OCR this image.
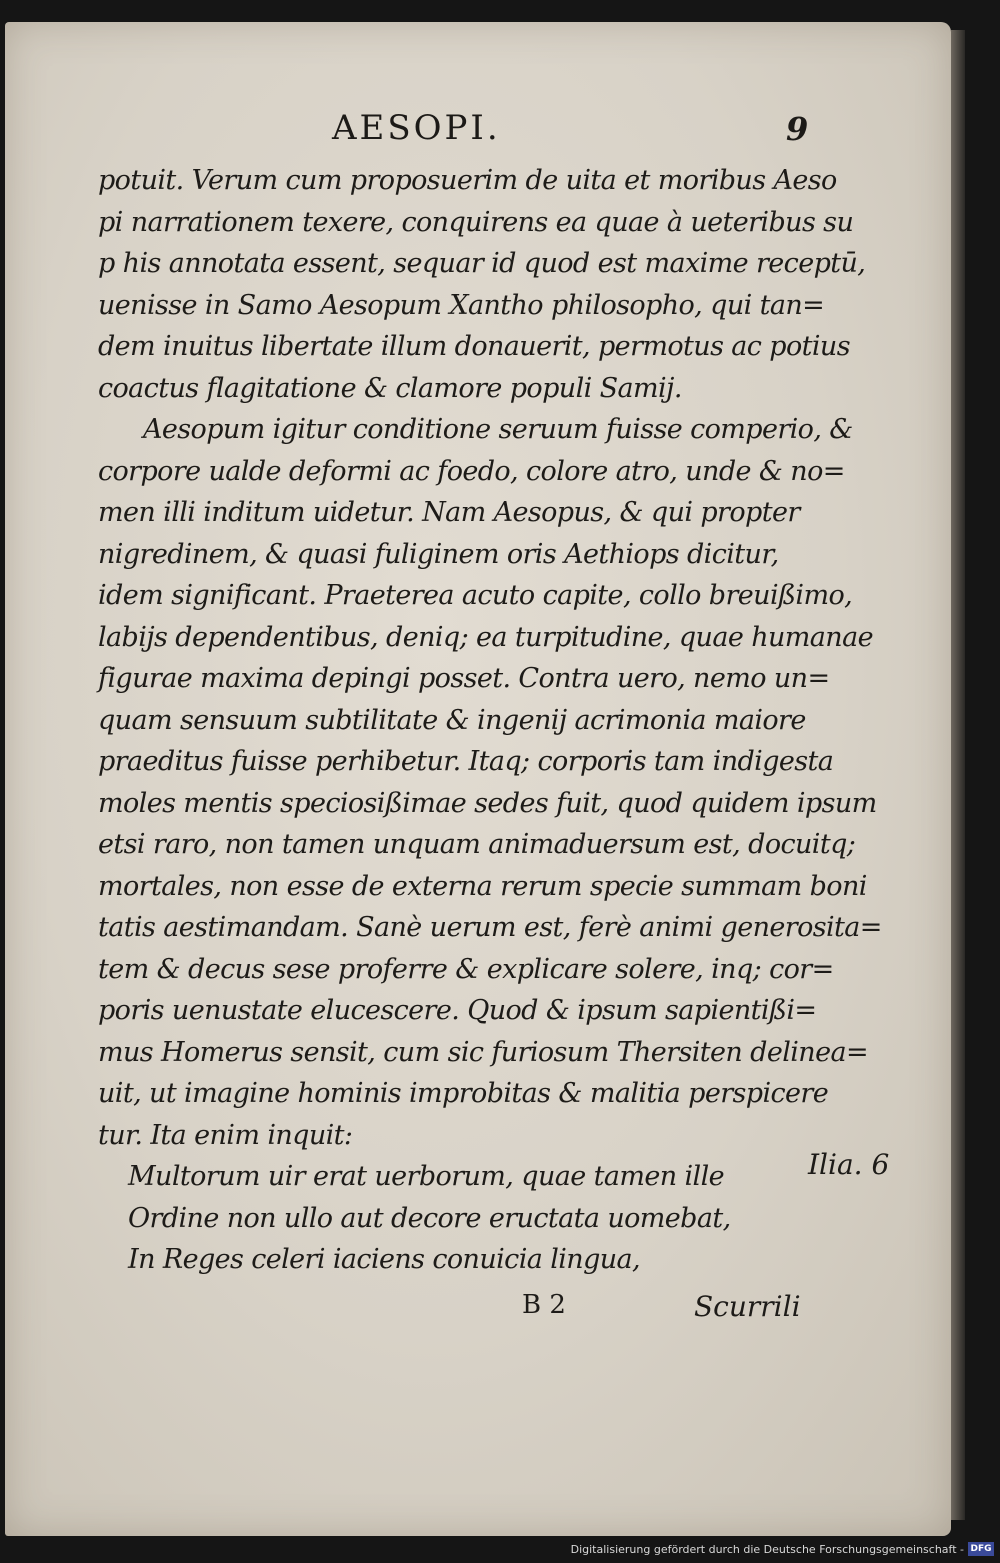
AESOPI.	9
potuit. Verum cum proposuerim de uita et moribus Aeso
pi narrationem texere, conquirens ea quae à ueteribus su
p his annotata essent, sequar id quod est maxime receptū,
uenisse in Samo Aesopum Xantho philosopho, qui tan=
dem inuitus libertate illum donauerit, permotus ac potius
coactus flagitatione & clamore populi Samij.
Aesopum igitur conditione seruum fuisse comperio, &
corpore ualde deformi ac foedo, colore atro, unde & no=
men illi inditum uidetur. Nam Aesopus, & qui propter
nigredinem, & quasi fuliginem oris Aethiops dicitur,
idem significant. Praeterea acuto capite, collo breuißimo,
labijs dependentibus, deniq; ea turpitudine, quae humanae
figurae maxima depingi posset. Contra uero, nemo un=
quam sensuum subtilitate & ingenij acrimonia maiore
praeditus fuisse perhibetur. Itaq; corporis tam indigesta
moles mentis speciosißimae sedes fuit, quod quidem ipsum
etsi raro, non tamen unquam animaduersum est, docuitq;
mortales, non esse de externa rerum specie summam boni
tatis aestimandam. Sanè uerum est, ferè animi generosita=
tem & decus sese proferre & explicare solere, inq; cor=
poris uenustate elucescere. Quod & ipsum sapientißi=
mus Homerus sensit, cum sic furiosum Thersiten delinea=
uit, ut imagine hominis improbitas & malitia perspicere
tur. Ita enim inquit:
Multorum uir erat uerborum, quae tamen ille
Ordine non ullo aut decore eructata uomebat,
In Reges celeri iaciens conuicia lingua,
Ilia. 6
B 2	Scurrili
Digitalisierung gefördert durch die Deutsche Forschungsgemeinschaft - DFG
